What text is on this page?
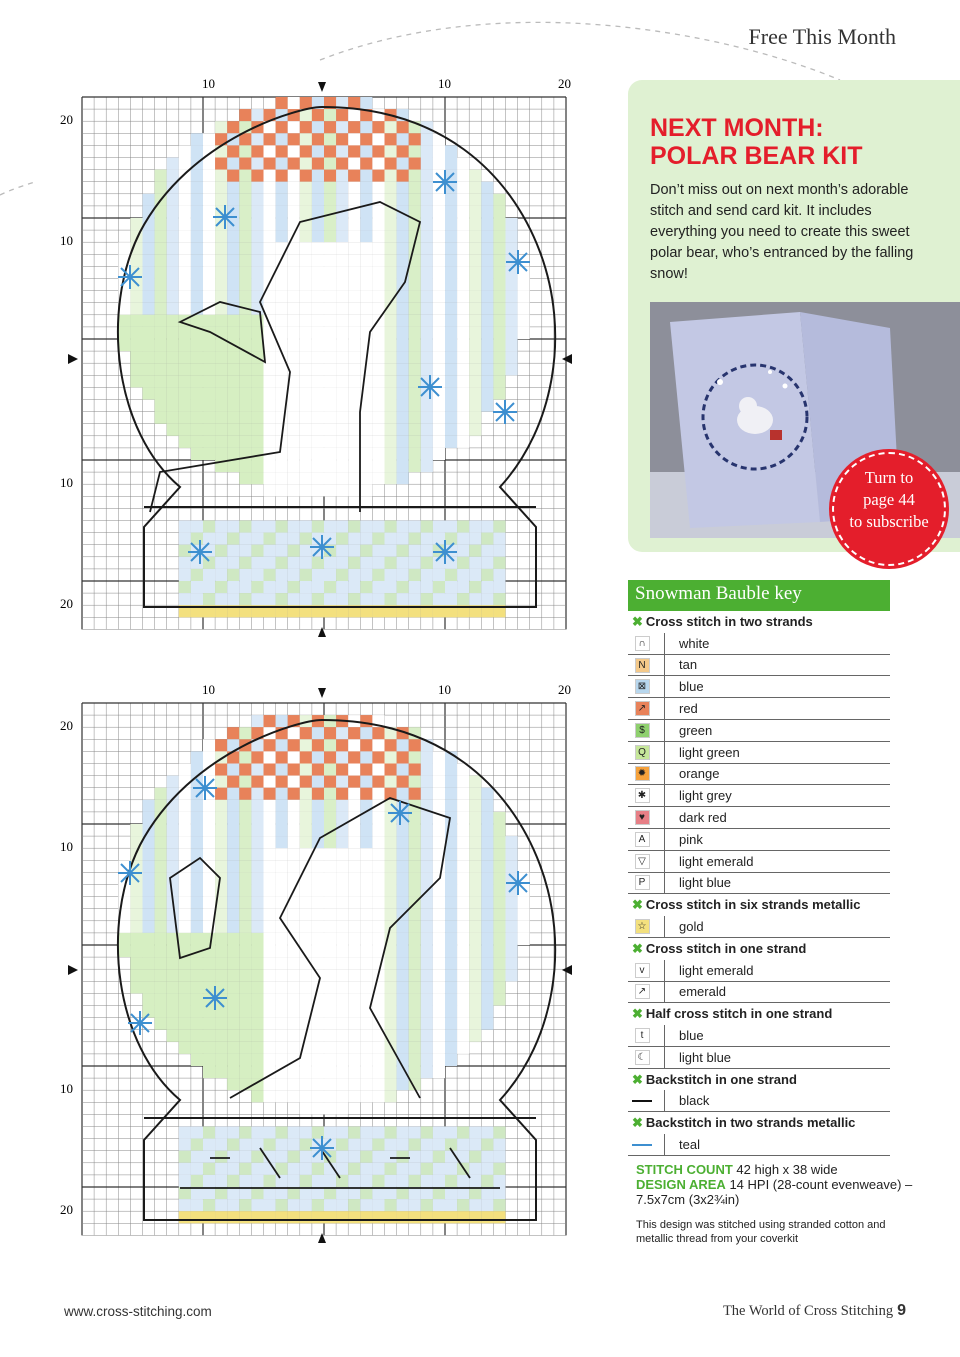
Free This Month
10	10	20
20
10
10
20
10	10	20
20
10
10
20
NEXT MONTH:
POLAR BEAR KIT
Don’t miss out on next month’s adorable stitch and send card kit. It includes everything you need to create this sweet polar bear, who’s entranced by the falling snow!
Turn to
page 44
to subscribe
Snowman Bauble key
✖ Cross stitch in two strands
∩	white
N	tan
⊠	blue
↗	red
$	green
Q	light green
✹	orange
✱	light grey
♥	dark red
A	pink
▽	light emerald
P	light blue
✖ Cross stitch in six strands metallic
☆	gold
✖ Cross stitch in one strand
v	light emerald
↗	emerald
✖ Half cross stitch in one strand
t	blue
☾	light blue
✖ Backstitch in one strand
black
✖ Backstitch in two strands metallic
teal
STITCH COUNT 42 high x 38 wide
DESIGN AREA 14 HPI (28-count evenweave) – 7.5x7cm (3x2¾in)
This design was stitched using stranded cotton and metallic thread from your coverkit
www.cross-stitching.com	The World of Cross Stitching 9
